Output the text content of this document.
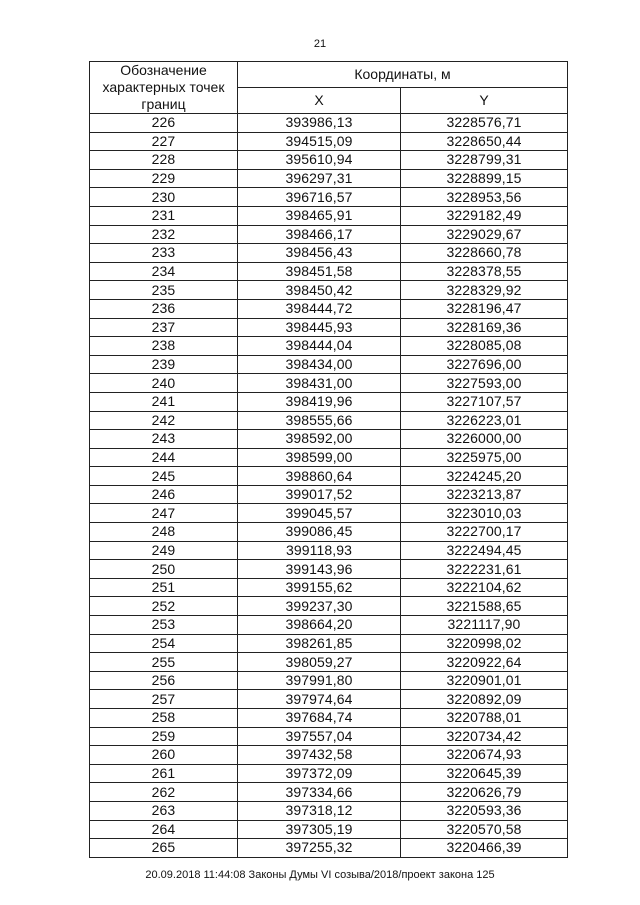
21
Обозначение характерных точек границ	Координаты, м	
	X	Y
226	393986,13	3228576,71
227	394515,09	3228650,44
228	395610,94	3228799,31
229	396297,31	3228899,15
230	396716,57	3228953,56
231	398465,91	3229182,49
232	398466,17	3229029,67
233	398456,43	3228660,78
234	398451,58	3228378,55
235	398450,42	3228329,92
236	398444,72	3228196,47
237	398445,93	3228169,36
238	398444,04	3228085,08
239	398434,00	3227696,00
240	398431,00	3227593,00
241	398419,96	3227107,57
242	398555,66	3226223,01
243	398592,00	3226000,00
244	398599,00	3225975,00
245	398860,64	3224245,20
246	399017,52	3223213,87
247	399045,57	3223010,03
248	399086,45	3222700,17
249	399118,93	3222494,45
250	399143,96	3222231,61
251	399155,62	3222104,62
252	399237,30	3221588,65
253	398664,20	3221117,90
254	398261,85	3220998,02
255	398059,27	3220922,64
256	397991,80	3220901,01
257	397974,64	3220892,09
258	397684,74	3220788,01
259	397557,04	3220734,42
260	397432,58	3220674,93
261	397372,09	3220645,39
262	397334,66	3220626,79
263	397318,12	3220593,36
264	397305,19	3220570,58
265	397255,32	3220466,39
20.09.2018 11:44:08 Законы Думы VI созыва/2018/проект закона 125
